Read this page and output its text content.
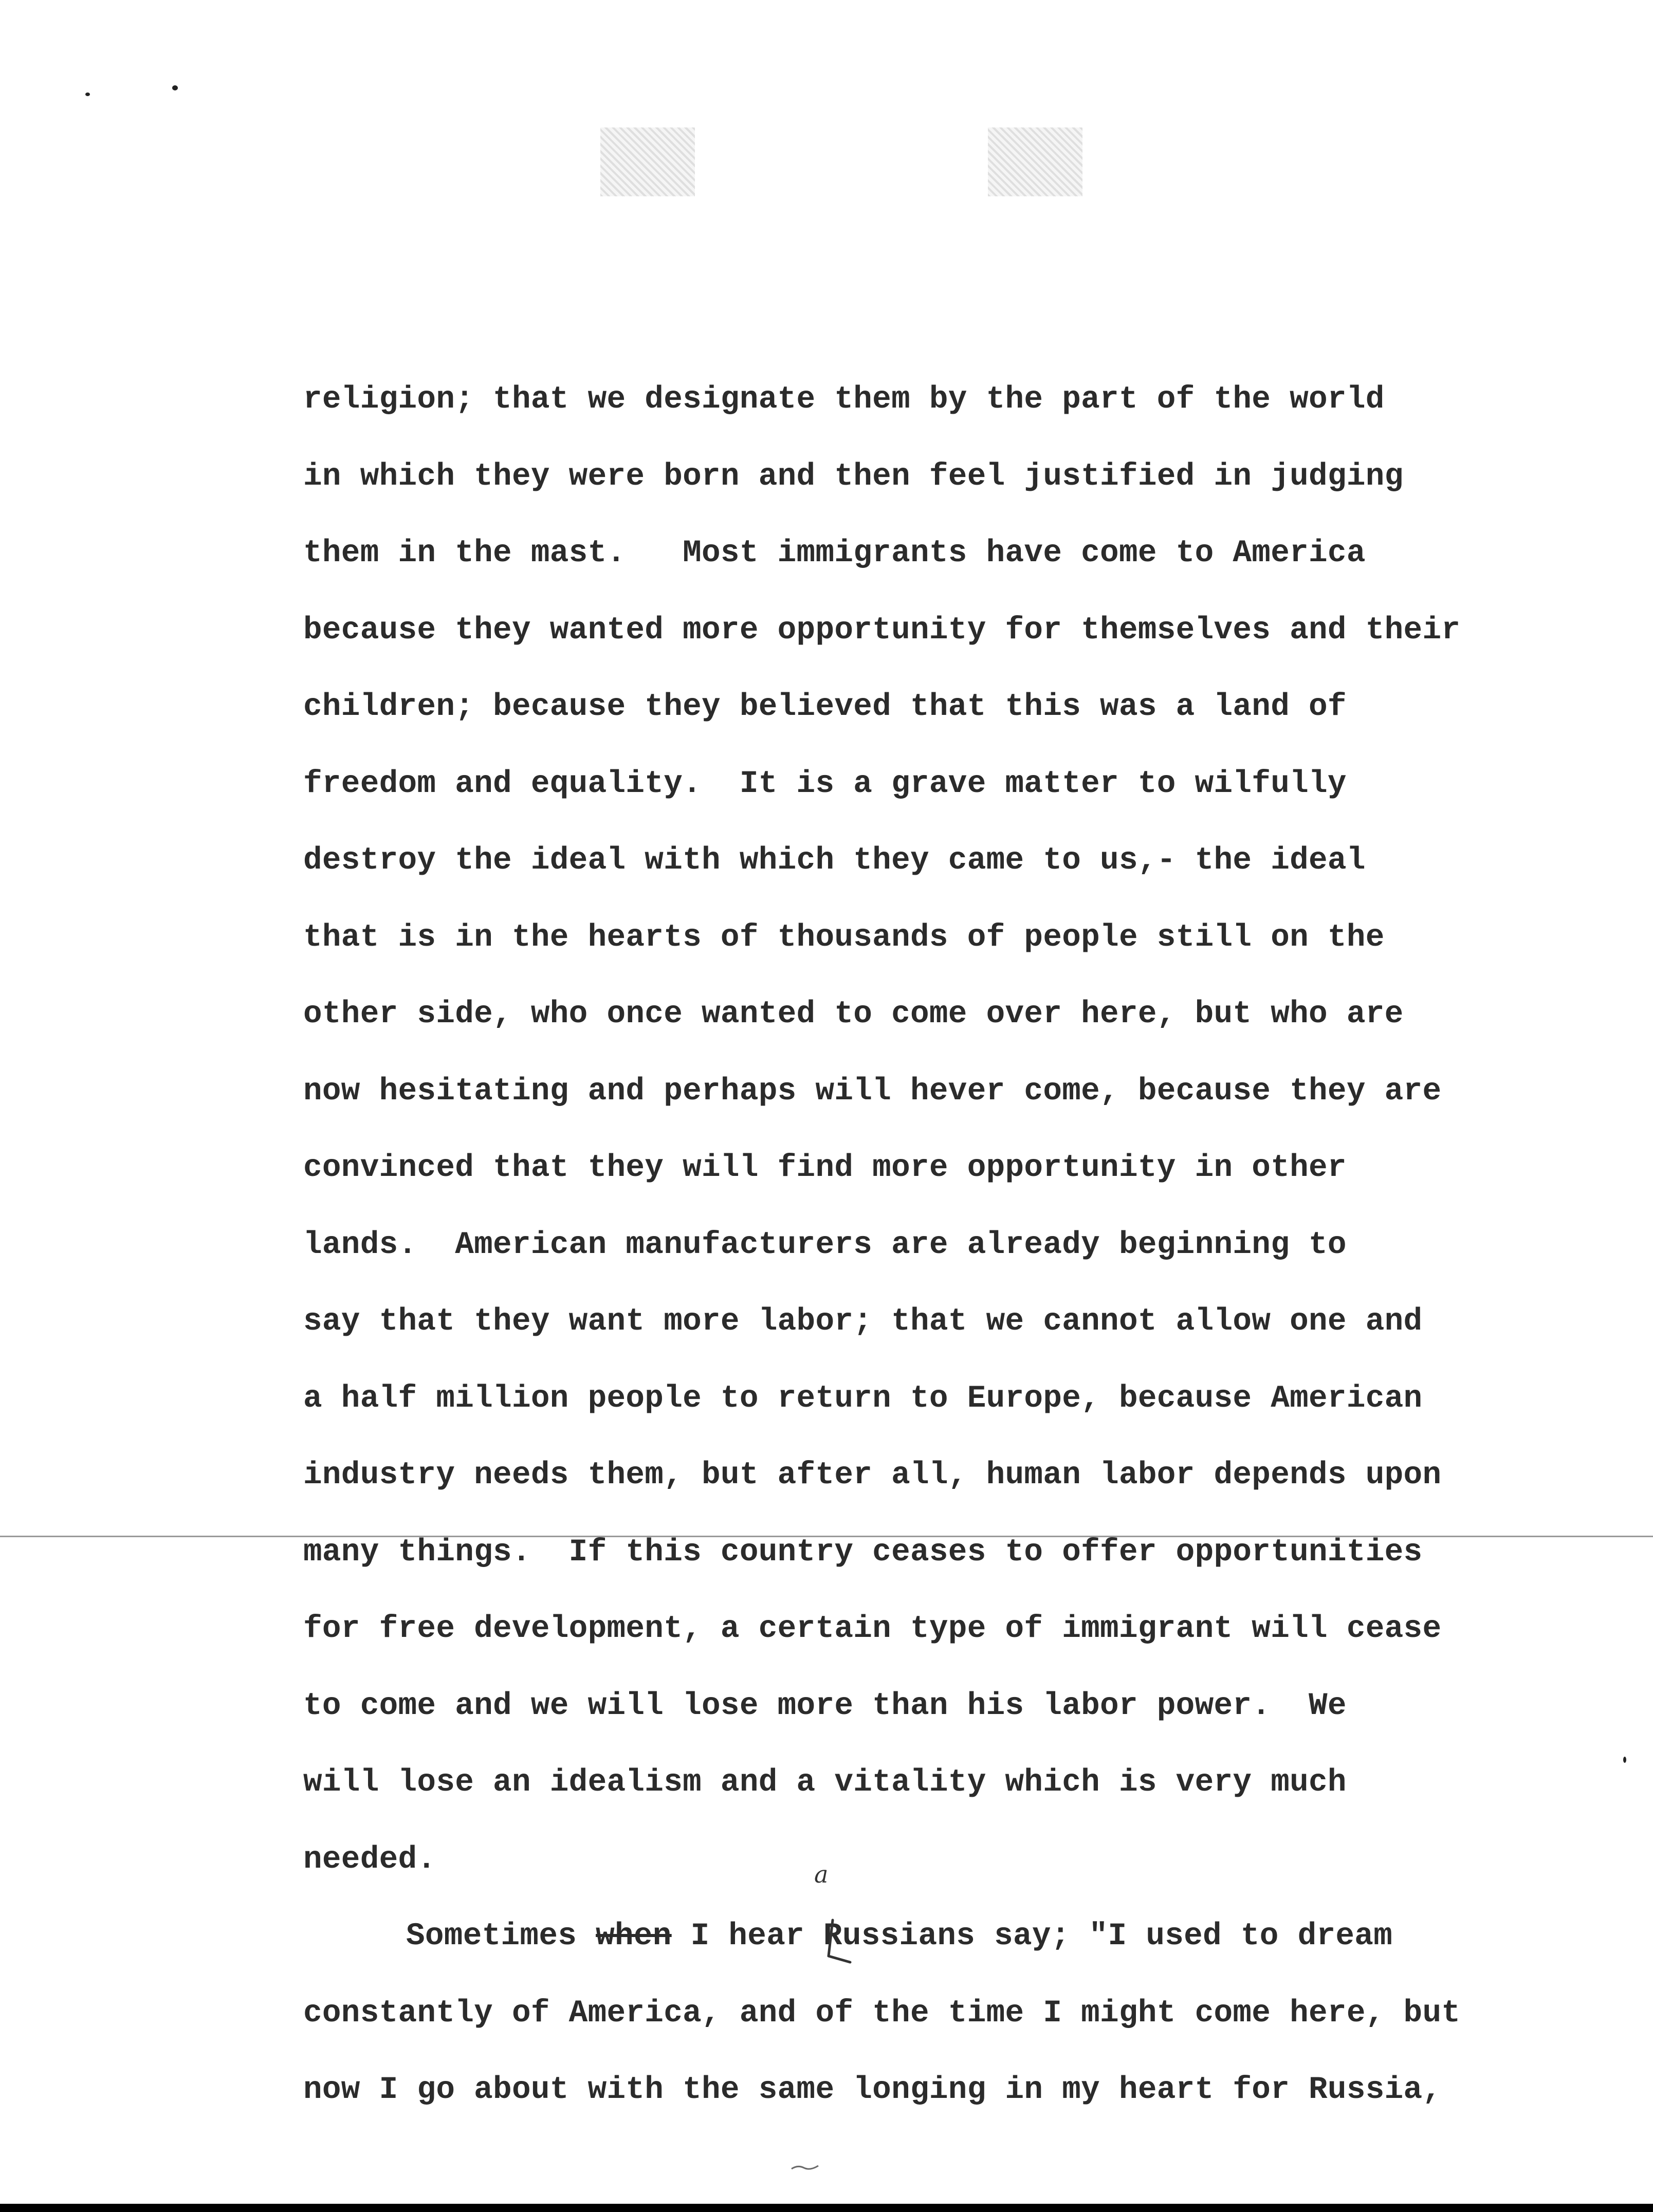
religion; that we designate them by the part of the world
in which they were born and then feel justified in judging
them in the mast.   Most immigrants have come to America
because they wanted more opportunity for themselves and their
children; because they believed that this was a land of
freedom and equality.  It is a grave matter to wilfully
destroy the ideal with which they came to us,- the ideal
that is in the hearts of thousands of people still on the
other side, who once wanted to come over here, but who are
now hesitating and perhaps will hever come, because they are
convinced that they will find more opportunity in other
lands.  American manufacturers are already beginning to
say that they want more labor; that we cannot allow one and
a half million people to return to Europe, because American
industry needs them, but after all, human labor depends upon
many things.  If this country ceases to offer opportunities
for free development, a certain type of immigrant will cease
to come and we will lose more than his labor power.  We
will lose an idealism and a vitality which is very much
needed.
Sometimes when I hear Russians say; "I used to dream
constantly of America, and of the time I might come here, but
now I go about with the same longing in my heart for Russia,
a
